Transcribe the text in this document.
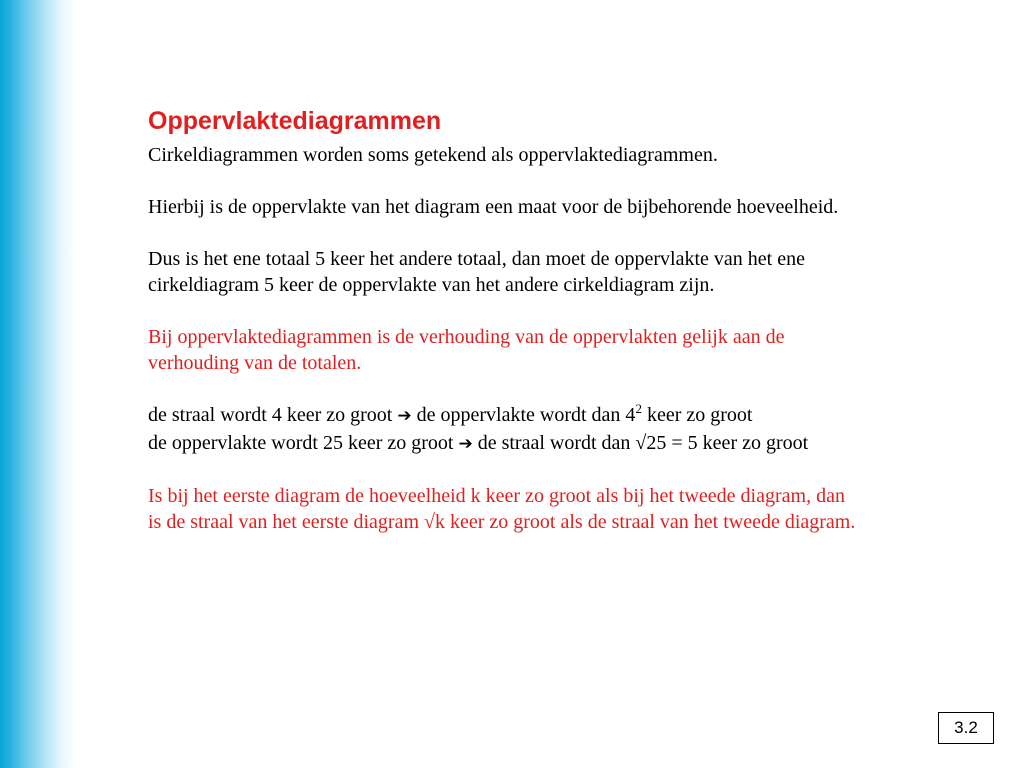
Oppervlaktediagrammen

Cirkeldiagrammen worden soms getekend als oppervlaktediagrammen.

Hierbij is de oppervlakte van het diagram een maat voor de bijbehorende hoeveelheid.

Dus is het ene totaal 5 keer het andere totaal, dan moet de oppervlakte van het ene

cirkeldiagram 5 keer de oppervlakte van het andere cirkeldiagram zijn.

Bij oppervlaktediagrammen is de verhouding van de oppervlakten gelijk aan de

verhouding van de totalen.

de straal wordt 4 keer zo groot ➔ de oppervlakte wordt dan $4^2$ keer zo groot

de oppervlakte wordt 25 keer zo groot ➔ de straal wordt dan √25 = 5 keer zo groot

Is bij het eerste diagram de hoeveelheid k keer zo groot als bij het tweede diagram, dan

is de straal van het eerste diagram √k keer zo groot als de straal van het tweede diagram.

3.2
